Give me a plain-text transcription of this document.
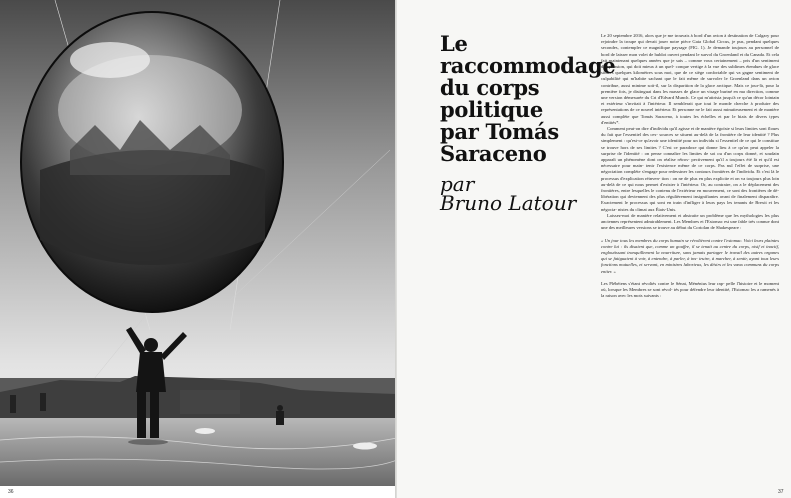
36
Le
raccommodage
du corps
politique
par Tomás
Saraceno
par
Bruno Latour

Le 20 septembre 2016, alors que je me trouvais à bord d'un avion à destination de Calgary pour rejoindre la troupe qui devait jouer notre pièce Gaia Global Circus, je pus, pendant quelques secondes, contempler ce magnifique paysage (FIG. 1). Je demande toujours au personnel de bord de laisser mon volet de hublot ouvert pendant le survol du Groenland et du Canada. Et cela fait maintenant quelques années que je sais – comme vous certainement – pris d'un sentiment d'oppression, qui doit mieux à un quel- conque vertige à la vue des sublimes étendues de glace situées quelques kilomètres sous moi, que de ce siège confortable qui va gagne sentiment de culpabilité qui m'habite sachant que le fait même de survoler le Groenland dans un avion contribue, aussi minime soit-il, sur la disparition de la glace arctique. Mais ce jour-là, pour la première fois, je distinguai dans les masses de glace un visage buriné en ma direction, comme une version démesurée du Cri d'Edvard Munch. Ce qui m'attrista jusqu'à ce qu'un décor lointain et extérieur s'invitait à l'intérieur. Il semblerait que tout le monde cherche à produire des représentations de ce nouvel intérieur. Et personne ne le fait aussi minutieusement et de manière aussi complète que Tomás Saraceno, à toutes les échelles et par le biais de divers types d'entités*.

Comment peut-on dire d'individu qu'il agisse et de manière égoïste si leurs limites sont floues du fait que l'essentiel des ces- sources se situent au-delà de la frontière de leur identité ? Plus simplement : qu'est-ce qu'avoir une identité pour un individu si l'essentiel de ce qui le constitue se trouve hors de ses limites ? C'est ce paradoxe qui donne lieu à ce qu'on peut appeler la surprise de l'identité : on pense connaître les limites de soi ou d'un corps donné, et soudain apparaît un phénomène dont on réalise rétros- pectivement qu'il a toujours été là et qu'il est nécessaire pour main- tenir l'existence même de ce corps. Pas nul l'effet de surprise, une négociation complète s'engage pour redessiner les contours frontières de l'individu. Et c'est là le processus d'explication réinven- tion : on ne de plus en plus explicite et on va toujours plus loin au-delà de ce qui nous permet d'exister à l'intérieur. Or, au contraire, on a le déplacement des frontières, entre lesquelles le contenu de l'extérieur en mouvement, ce sont des frontières de dé- libération qui deviennent des plus régulièrement insignifiantes avant de finalement disparaître. Exactement le processus qui sont en train d'infliger à leurs pays les tenants de Brexit et les négocia- nistes du climat aux États-Unis.

Laissez-moi de manière relativement et abstraite un problème que les mythologies les plus anciennes représentent admirablement. Les Membres et l'Estomac est une fable très connue dont une des meilleures versions se trouve au début du Coriolan de Shakespeare :

« Un jour tous les membres du corps humain se révoltèrent contre l'estomac. Voici leurs plaintes contre lui : ils disaient que, comme un gouffre, il se tenait au centre du corps, oisif et inactif, engloutissant tranquillement la nourriture, sans jamais partager le travail des autres organes qui se fatiguaient à voir, à entendre, à parler, à ins- truire, à marcher, à sentir, ayant tous leurs fonctions mutuelles, et servant, en ministres laborieux, les désirs et les vœux communs du corps entier. »

Les Plébéiens s'étant révoltés contre le Sénat, Ménénius leur rap- pelle l'histoire et le moment où, lorsque les Membres se sont révol- tés pour défendre leur identité, l'Estomac les a ramenés à la raison avec les mots suivants :

37
